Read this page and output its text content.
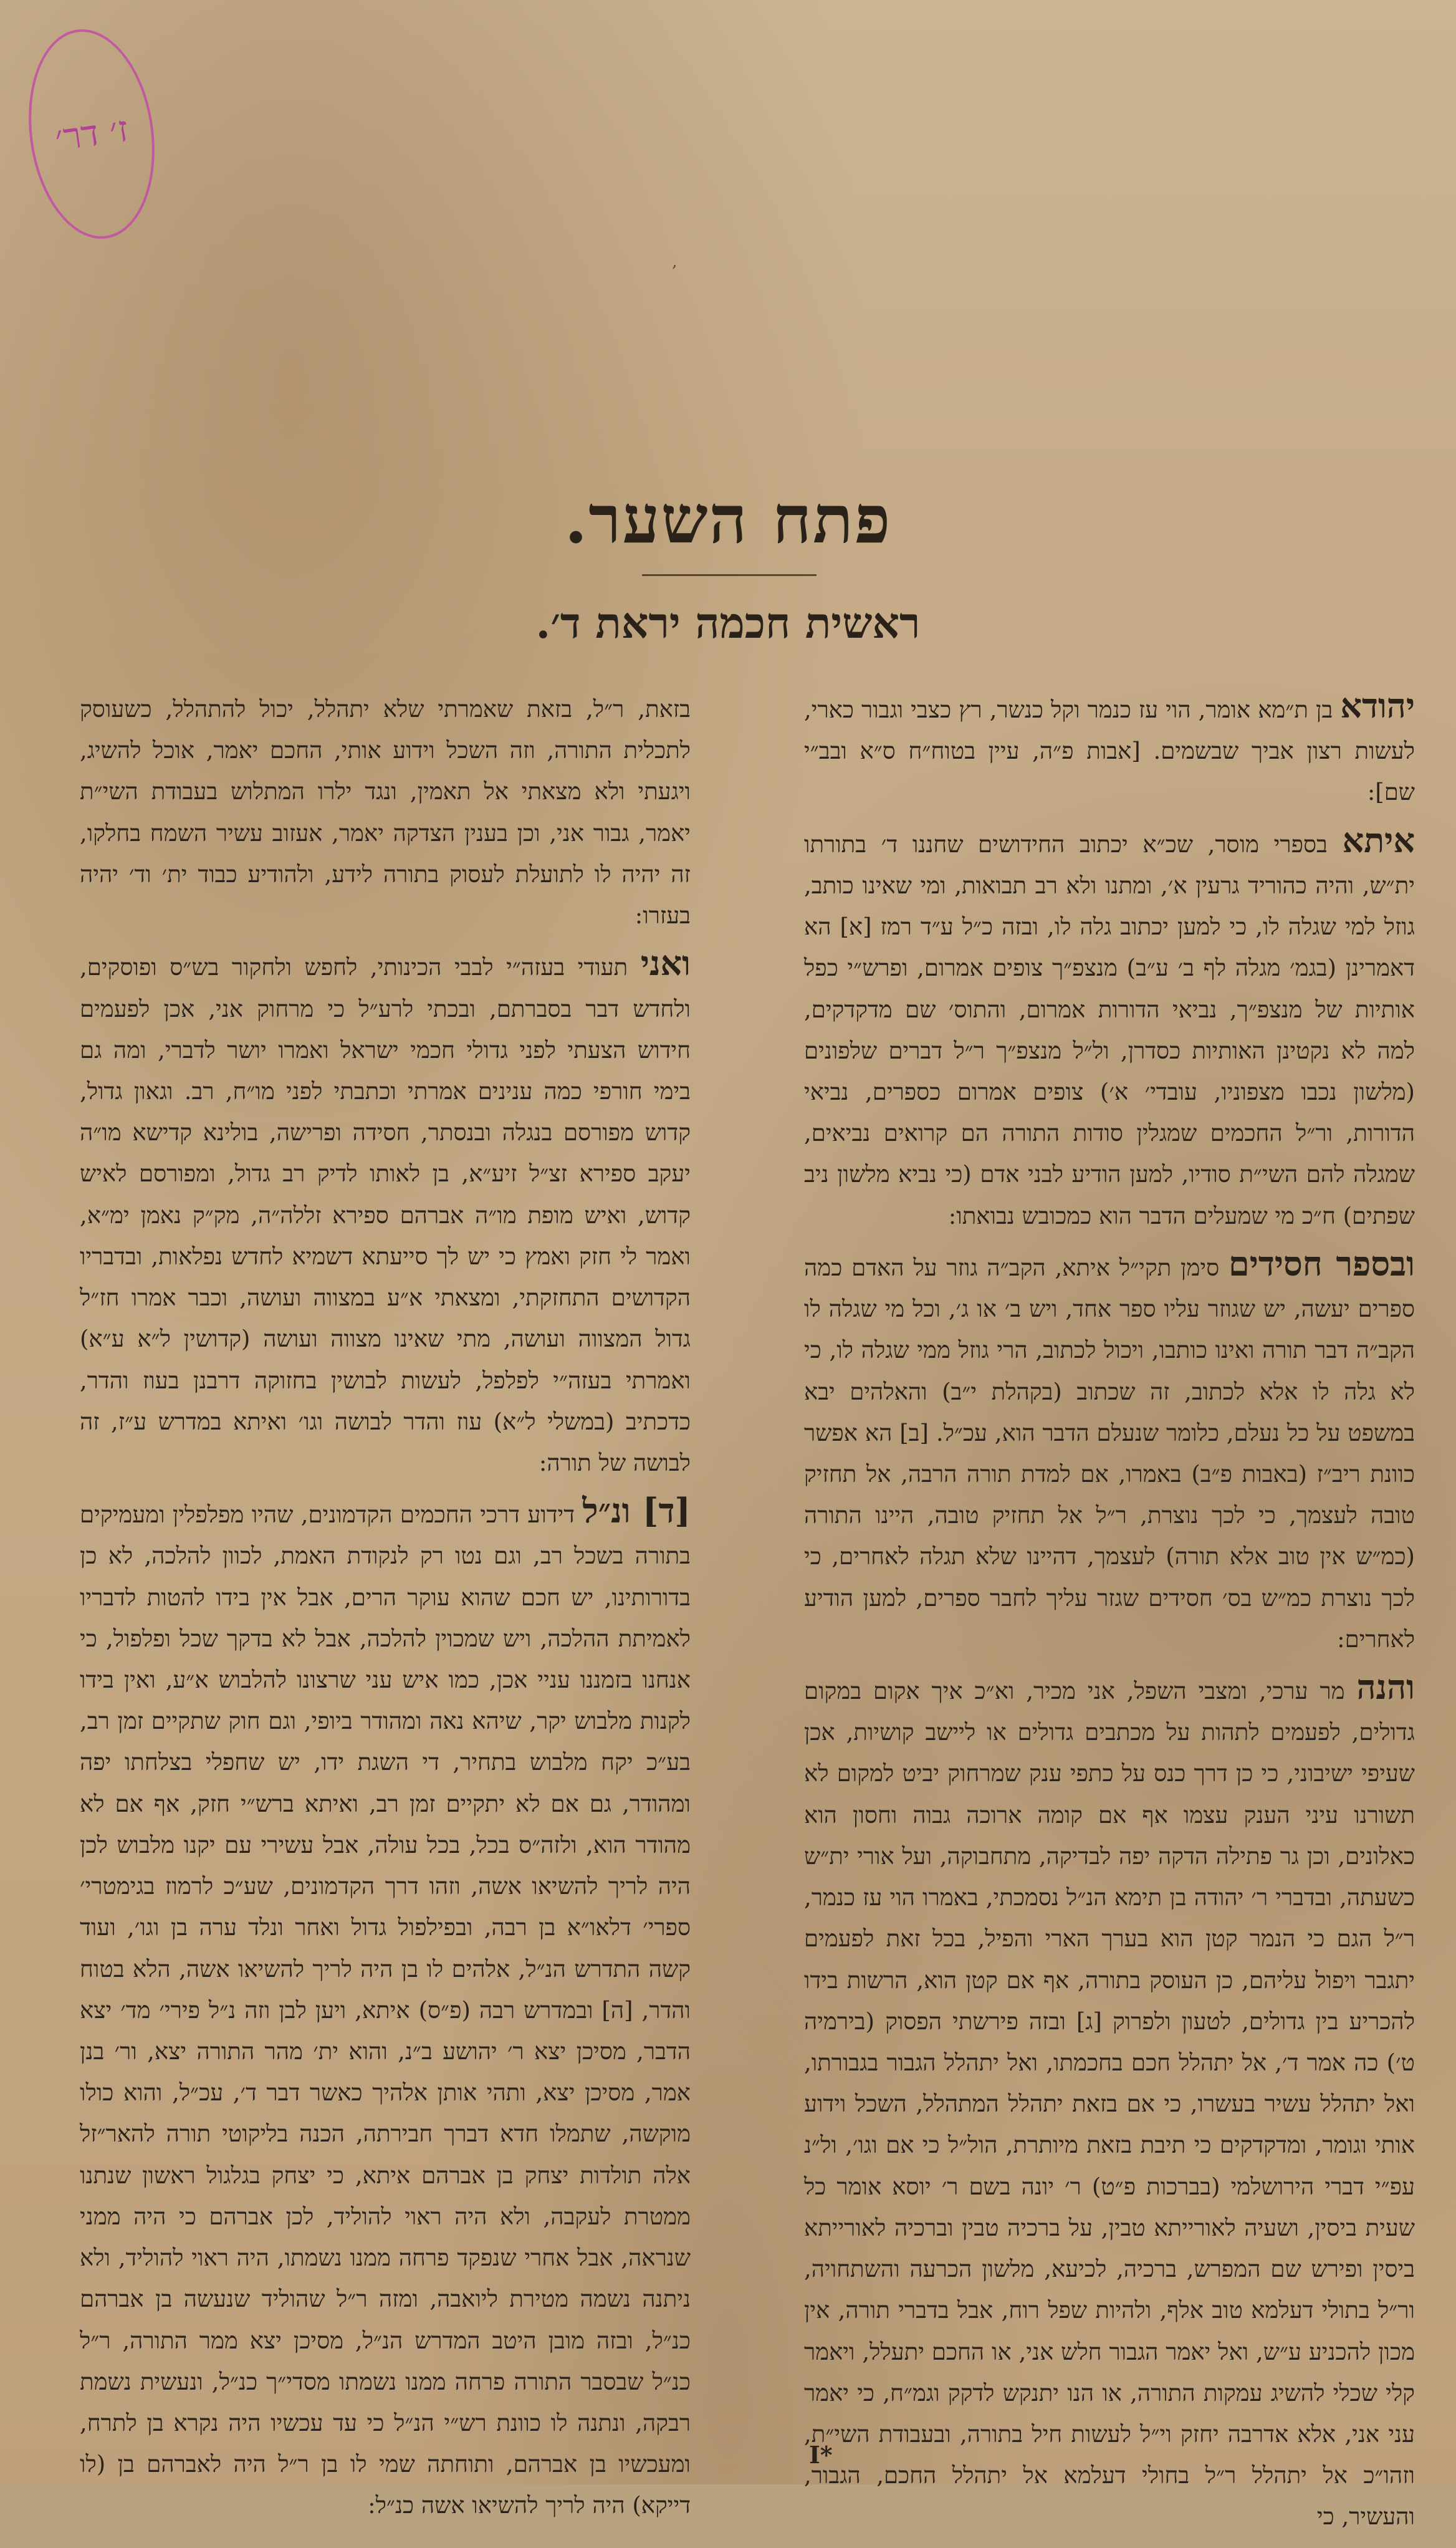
ז׳ דר׳
‚
פתח השער.
ראשית חכמה יראת ד׳.

יהודא בן ת״מא אומר, הוי עז כנמר וקל כנשר, רץ כצבי וגבור כארי, לעשות רצון אביך שבשמים. [אבות פ״ה, עיין בטוח״ח ס״א ובב״י שם]:

איתא בספרי מוסר, שכ״א יכתוב החידושים שחננו ד׳ בתורתו ית״ש, והיה כהוריד גרעין א׳, ומתנו ולא רב תבואות, ומי שאינו כותב, גוזל למי שגלה לו, כי למען יכתוב גלה לו, ובזה כ״ל ע״ד רמז [א] הא דאמרינן (בגמ׳ מגלה לף ב׳ ע״ב) מנצפ״ך צופים אמרום, ופרש״י כפל אותיות של מנצפ״ך, נביאי הדורות אמרום, והתוס׳ שם מדקדקים, למה לא נקטינן האותיות כסדרן, ול״ל מנצפ״ך ר״ל דברים שלפונים (מלשון נכבו מצפוניו, עובדי׳ א׳) צופים אמרום כספרים, נביאי הדורות, ור״ל החכמים שמגלין סודות התורה הם קרואים נביאים, שמגלה להם השי״ת סודיו, למען הודיע לבני אדם (כי נביא מלשון ניב שפתים) ח״כ מי שמעלים הדבר הוא כמכובש נבואתו:

ובספר חסידים סימן תקי״ל איתא, הקב״ה גוזר על האדם כמה ספרים יעשה, יש שגוזר עליו ספר אחד, ויש ב׳ או ג׳, וכל מי שגלה לו הקב״ה דבר תורה ואינו כותבו, ויכול לכתוב, הרי גוזל ממי שגלה לו, כי לא גלה לו אלא לכתוב, זה שכתוב (בקהלת י״ב) והאלהים יבא במשפט על כל נעלם, כלומר שנעלם הדבר הוא, עכ״ל. [ב] הא אפשר כוונת ריב״ז (באבות פ״ב) באמרו, אם למדת תורה הרבה, אל תחזיק טובה לעצמך, כי לכך נוצרת, ר״ל אל תחזיק טובה, היינו התורה (כמ״ש אין טוב אלא תורה) לעצמך, דהיינו שלא תגלה לאחרים, כי לכך נוצרת כמ״ש בס׳ חסידים שגזר עליך לחבר ספרים, למען הודיע לאחרים:

והנה מר ערכי, ומצבי השפל, אני מכיר, וא״כ איך אקום במקום גדולים, לפעמים לתהות על מכתבים גדולים או ליישב קושיות, אכן שעיפי ישיבוני, כי כן דרך כנס על כתפי ענק שמרחוק יביט למקום לא תשורנו עיני הענק עצמו אף אם קומה ארוכה גבוה וחסון הוא כאלונים, וכן גר פתילה הדקה יפה לבדיקה, מתחבוקה, ועל אורי ית״ש כשעתה, ובדברי ר׳ יהודה בן תימא הנ״ל נסמכתי, באמרו הוי עז כנמר, ר״ל הגם כי הנמר קטן הוא בערך הארי והפיל, בכל זאת לפעמים יתגבר ויפול עליהם, כן העוסק בתורה, אף אם קטן הוא, הרשות בידו להכריע בין גדולים, לטעון ולפרוק [ג] ובזה פירשתי הפסוק (בירמיה ט׳) כה אמר ד׳, אל יתהלל חכם בחכמתו, ואל יתהלל הגבור בגבורתו, ואל יתהלל עשיר בעשרו, כי אם בזאת יתהלל המתהלל, השכל וידוע אותי וגומר, ומדקדקים כי תיבת בזאת מיותרת, הול״ל כי אם וגו׳, ול״נ עפ״י דברי הירושלמי (בברכות פ״ט) ר׳ יונה בשם ר׳ יוסא אומר כל שעית ביסין, ושעיה לאורייתא טבין, על ברכיה טבין וברכיה לאורייתא ביסין ופירש שם המפרש, ברכיה, לכיעא, מלשון הכרעה והשתחויה, ור״ל בתולי דעלמא טוב אלף, ולהיות שפל רוח, אבל בדברי תורה, אין מכון להכניע ע״ש, ואל יאמר הגבור חלש אני, או החכם יתעלל, ויאמר קלי שכלי להשיג עמקות התורה, או הנו יתנקש לדקק וגמ״ח, כי יאמר עני אני, אלא אדרבה יחזק וי״ל לעשות חיל בתורה, ובעבודת השי״ת, וזהו״כ אל יתהלל ר״ל בחולי דעלמא אל יתהלל החכם, הגבור, והעשיר, כי

בזאת, ר״ל, בזאת שאמרתי שלא יתהלל, יכול להתהלל, כשעוסק לתכלית התורה, וזה השכל וידוע אותי, החכם יאמר, אוכל להשיג, ויגעתי ולא מצאתי אל תאמין, ונגד ילרו המתלוש בעבודת השי״ת יאמר, גבור אני, וכן בענין הצדקה יאמר, אעזוב עשיר השמח בחלקו, זה יהיה לו לתועלת לעסוק בתורה לידע, ולהודיע כבוד ית׳ וד׳ יהיה בעזרו:

ואני תעודי בעזה״י לבבי הכינותי, לחפש ולחקור בש״ס ופוסקים, ולחדש דבר בסברתם, ובכתי לרע״ל כי מרחוק אני, אכן לפעמים חידוש הצעתי לפני גדולי חכמי ישראל ואמרו יושר לדברי, ומה גם בימי חורפי כמה ענינים אמרתי וכתבתי לפני מו״ח, רב. וגאון גדול, קדוש מפורסם בנגלה ובנסתר, חסידה ופרישה, בולינא קדישא מו״ה יעקב ספירא זצ״ל זיע״א, בן לאותו לדיק רב גדול, ומפורסם לאיש קדוש, ואיש מופת מו״ה אברהם ספירא זללה״ה, מק״ק נאמן ימ״א, ואמר לי חזק ואמץ כי יש לך סייעתא דשמיא לחדש נפלאות, ובדבריו הקדושים התחזקתי, ומצאתי א״ע במצווה ועושה, וכבר אמרו חז״ל גדול המצווה ועושה, מתי שאינו מצווה ועושה (קדושין ל״א ע״א) ואמרתי בעזה״י לפלפל, לעשות לבושין בחזוקה דרבנן בעוז והדר, כדכתיב (במשלי ל״א) עוז והדר לבושה וגו׳ ואיתא במדרש ע״ז, זה לבושה של תורה:

[ד] ונ״ל דידוע דרכי החכמים הקדמונים, שהיו מפלפלין ומעמיקים בתורה בשכל רב, וגם נטו רק לנקודת האמת, לכוון להלכה, לא כן בדורותינו, יש חכם שהוא עוקר הרים, אבל אין בידו להטות לדבריו לאמיתת ההלכה, ויש שמכוין להלכה, אבל לא בדקך שכל ופלפול, כי אנחנו בזמננו עניי אכן, כמו איש עני שרצונו להלבוש א״ע, ואין בידו לקנות מלבוש יקר, שיהא נאה ומהודר ביופי, וגם חוק שתקיים זמן רב, בע״כ יקח מלבוש בתחיר, די השגת ידו, יש שחפלי בצלחתו יפה ומהודר, גם אם לא יתקיים זמן רב, ואיתא ברש״י חזק, אף אם לא מהודר הוא, ולזה״ס בכל, בכל עולה, אבל עשירי עם יקנו מלבוש לכן היה לריך להשיאו אשה, וזהו דרך הקדמונים, שע״כ לרמוז בגימטרי׳ ספרי׳ דלאו״א בן רבה, ובפילפול גדול ואחר ונלד ערה בן וגו׳, ועוד קשה התדרש הנ״ל, אלהים לו בן היה לריך להשיאו אשה, הלא בטוח והדר, [ה] ובמדרש רבה (פ״ס) איתא, ויען לבן וזה נ״ל פירי׳ מד׳ יצא הדבר, מסיכן יצא ר׳ יהושע ב״נ, והוא ית׳ מהר התורה יצא, ור׳ בנן אמר, מסיכן יצא, ותהי אותן אלהיך כאשר דבר ד׳, עכ״ל, והוא כולו מוקשה, שתמלו חדא דברך חבירתה, הכנה בליקוטי תורה להאר״זל אלה תולדות יצחק בן אברהם איתא, כי יצחק בגלגול ראשון שנתנו ממטרת לעקבה, ולא היה ראוי להוליד, לכן אברהם כי היה ממני שנראה, אבל אחרי שנפקד פרחה ממנו נשמתו, היה ראוי להוליד, ולא ניתנה נשמה מטירת ליואבה, ומזה ר״ל שהוליד שנעשה בן אברהם כנ״ל, ובזה מובן היטב המדרש הנ״ל, מסיכן יצא ממר התורה, ר״ל כנ״ל שבסבר התורה פרחה ממנו נשמתו מסדי״ך כנ״ל, ונעשית נשמת רבקה, ונתנה לו כוונת רש״י הנ״ל כי עד עכשיו היה נקרא בן לתרח, ומעכשיו בן אברהם, ותוחתה שמי לו בן ר״ל היה לאברהם בן (לו דייקא) היה לריך להשיאו אשה כנ״ל:

I*
